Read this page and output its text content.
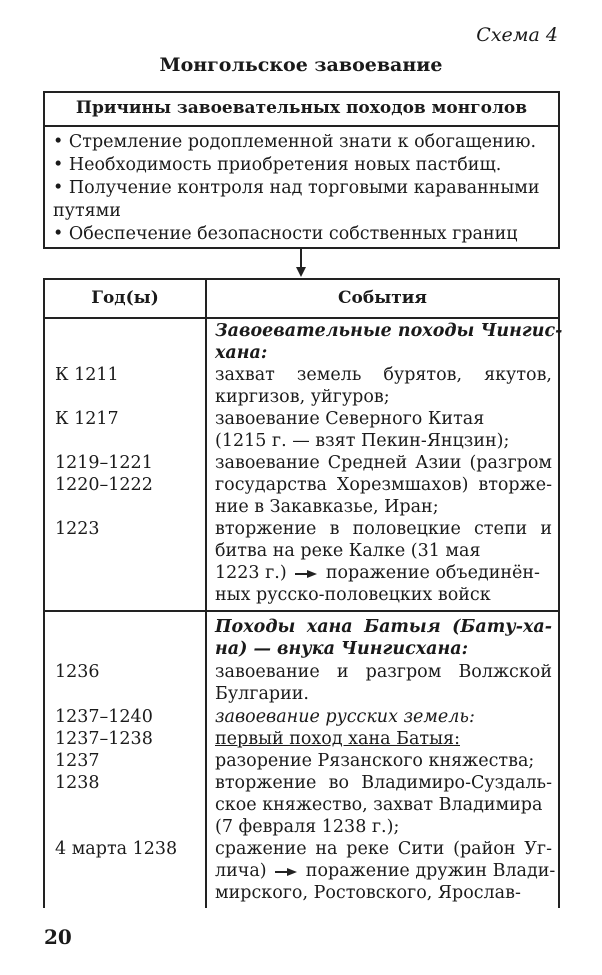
Схема 4
Монгольское завоевание
Причины завоевательных походов монголов
• Стремление родоплеменной знати к обогащению.
• Необходимость приобретения новых пастбищ.
• Получение контроля над торговыми караванными
путями
• Обеспечение безопасности собственных границ
Год(ы)	События
Завоевательные походы Чингис-
хана:
К 1211	захват земель бурятов, якутов,
киргизов, уйгуров;
К 1217	завоевание Северного Китая
(1215 г. — взят Пекин-Янцзин);
1219–1221	завоевание Средней Азии (разгром
1220–1222	государства Хорезмшахов) вторже-
ние в Закавказье, Иран;
1223	вторжение в половецкие степи и
битва на реке Калке (31 мая
1223 г.) поражение объединён-
ных русско-половецких войск
Походы хана Батыя (Бату-ха-
на) — внука Чингисхана:
1236	завоевание и разгром Волжской
Булгарии.
1237–1240	завоевание русских земель:
1237–1238	первый поход хана Батыя:
1237	разорение Рязанского княжества;
1238	вторжение во Владимиро-Суздаль-
ское княжество, захват Владимира
(7 февраля 1238 г.);
4 марта 1238 сражение на реке Сити (район Уг-
лича) поражение дружин Влади-
мирского, Ростовского, Ярослав-
20
